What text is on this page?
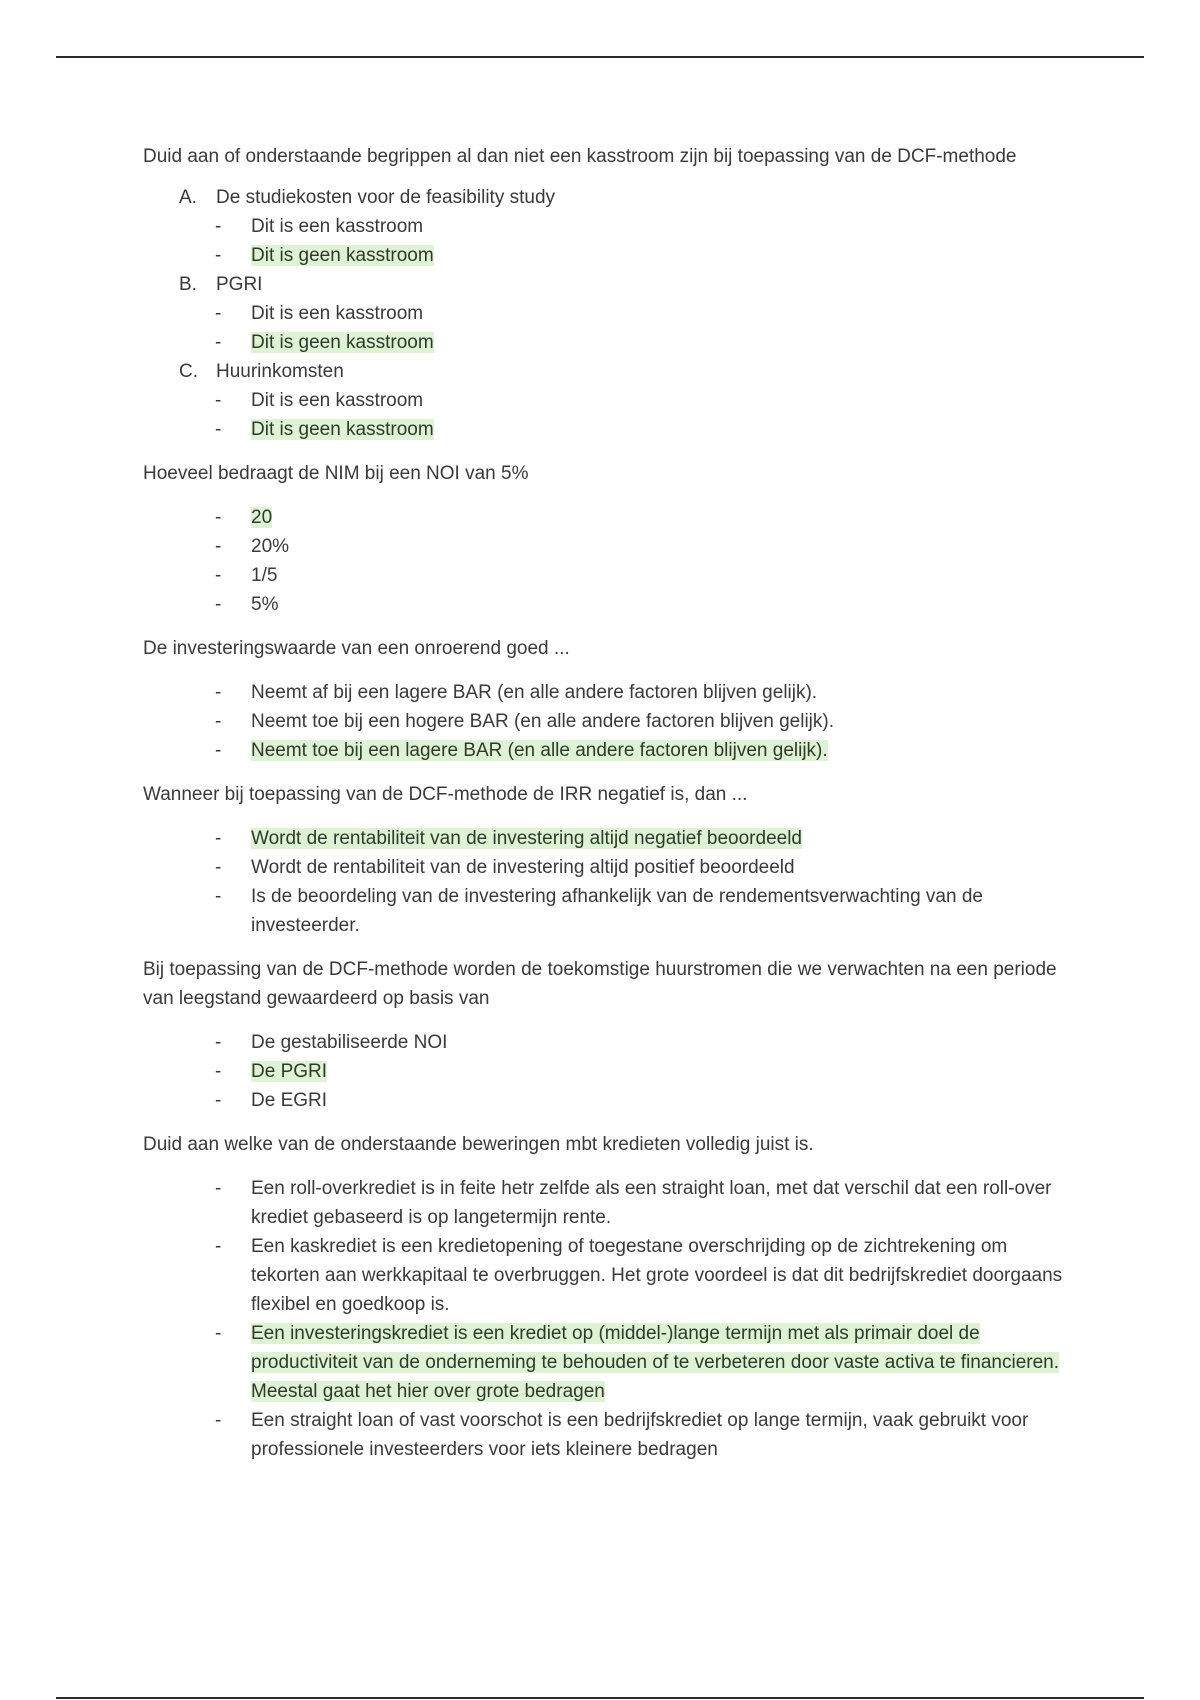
Duid aan of onderstaande begrippen al dan niet een kasstroom zijn bij toepassing van de DCF-methode

A. De studiekosten voor de feasibility study
- Dit is een kasstroom
- Dit is geen kasstroom
B. PGRI
- Dit is een kasstroom
- Dit is geen kasstroom
C. Huurinkomsten
- Dit is een kasstroom
- Dit is geen kasstroom

Hoeveel bedraagt de NIM bij een NOI van 5%

- 20
- 20%
- 1/5
- 5%

De investeringswaarde van een onroerend goed ...

- Neemt af bij een lagere BAR (en alle andere factoren blijven gelijk).
- Neemt toe bij een hogere BAR (en alle andere factoren blijven gelijk).
- Neemt toe bij een lagere BAR (en alle andere factoren blijven gelijk).

Wanneer bij toepassing van de DCF-methode de IRR negatief is, dan ...

- Wordt de rentabiliteit van de investering altijd negatief beoordeeld
- Wordt de rentabiliteit van de investering altijd positief beoordeeld
- Is de beoordeling van de investering afhankelijk van de rendementsverwachting van de investeerder.

Bij toepassing van de DCF-methode worden de toekomstige huurstromen die we verwachten na een periode van leegstand gewaardeerd op basis van

- De gestabiliseerde NOI
- De PGRI
- De EGRI

Duid aan welke van de onderstaande beweringen mbt kredieten volledig juist is.

- Een roll-overkrediet is in feite hetr zelfde als een straight loan, met dat verschil dat een roll-over krediet gebaseerd is op langetermijn rente.
- Een kaskrediet is een kredietopening of toegestane overschrijding op de zichtrekening om tekorten aan werkkapitaal te overbruggen. Het grote voordeel is dat dit bedrijfskrediet doorgaans flexibel en goedkoop is.
- Een investeringskrediet is een krediet op (middel-)lange termijn met als primair doel de productiviteit van de onderneming te behouden of te verbeteren door vaste activa te financieren. Meestal gaat het hier over grote bedragen
- Een straight loan of vast voorschot is een bedrijfskrediet op lange termijn, vaak gebruikt voor professionele investeerders voor iets kleinere bedragen
